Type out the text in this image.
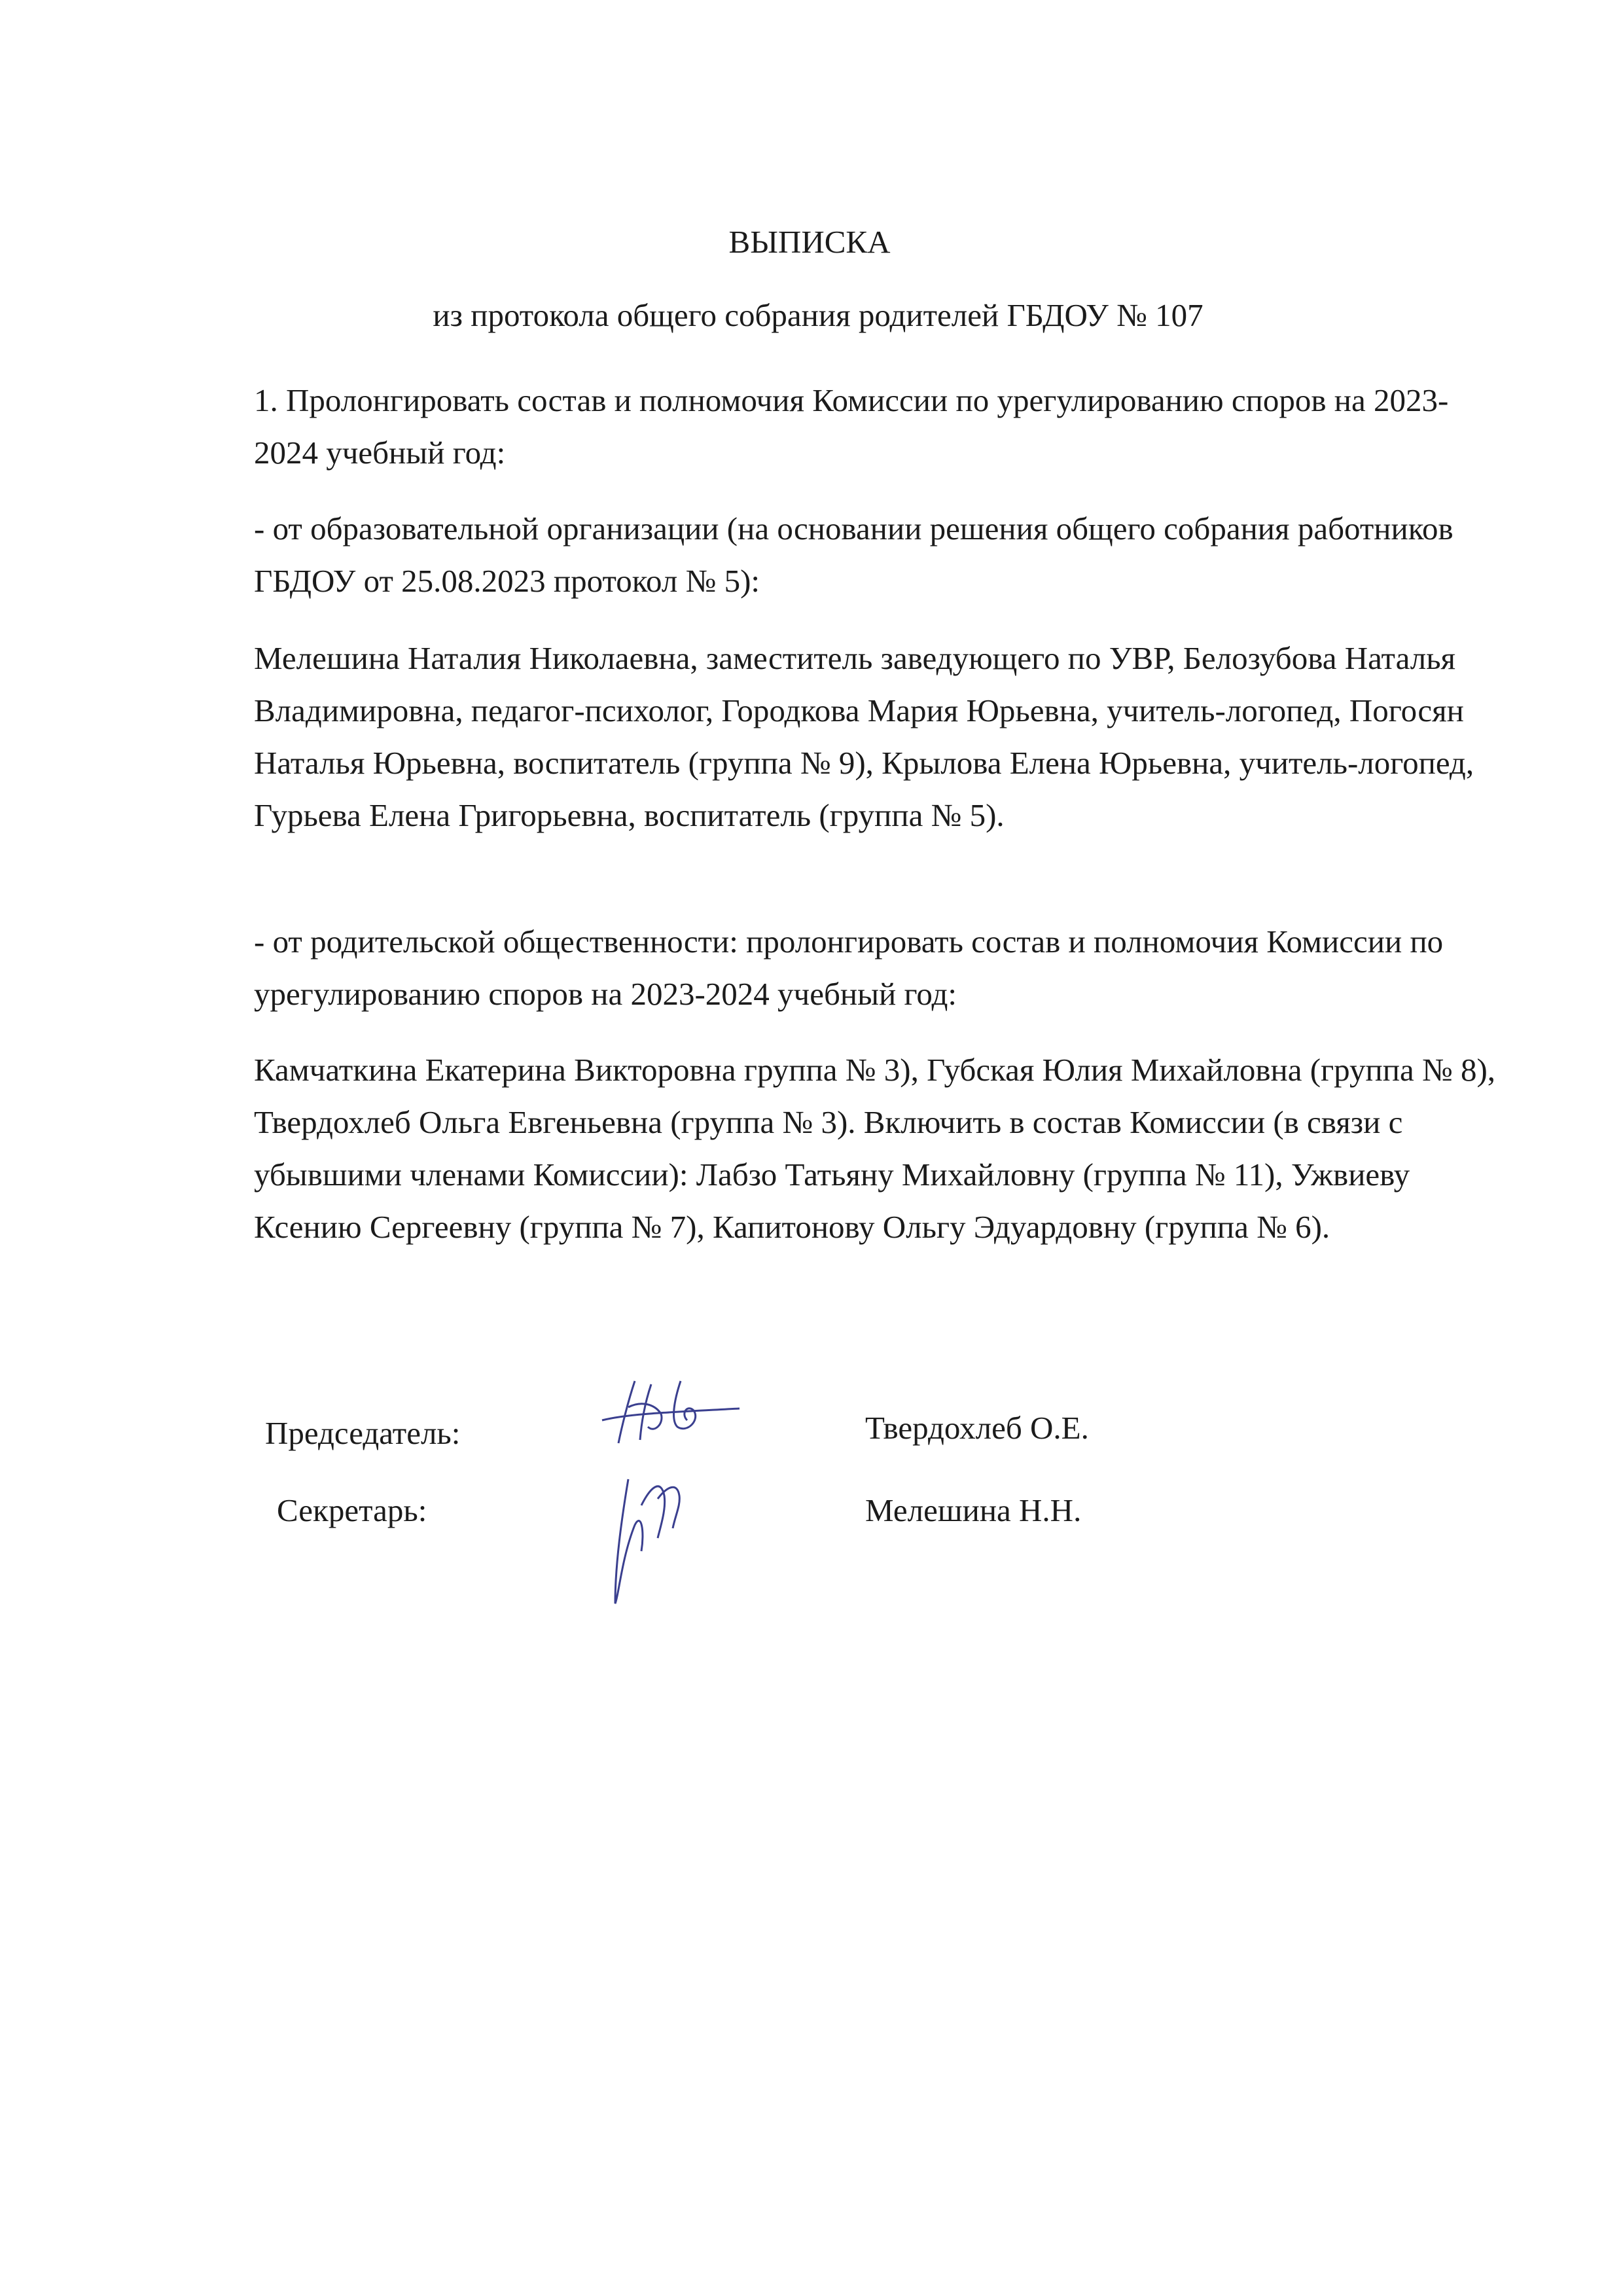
ВЫПИСКА
из протокола общего собрания родителей ГБДОУ № 107

1. Пролонгировать состав и полномочия Комиссии по урегулированию споров на 2023-2024 учебный год:

- от образовательной организации (на основании решения общего собрания работников ГБДОУ от 25.08.2023 протокол № 5):

Мелешина Наталия Николаевна, заместитель заведующего по УВР, Белозубова Наталья Владимировна, педагог-психолог, Городкова Мария Юрьевна, учитель-логопед, Погосян Наталья Юрьевна, воспитатель (группа № 9), Крылова Елена Юрьевна, учитель-логопед, Гурьева Елена Григорьевна, воспитатель (группа № 5).

- от родительской общественности: пролонгировать состав и полномочия Комиссии по урегулированию споров на 2023-2024 учебный год:

Камчаткина Екатерина Викторовна группа № 3), Губская Юлия Михайловна (группа № 8), Твердохлеб Ольга Евгеньевна (группа № 3). Включить в состав Комиссии (в связи с убывшими членами Комиссии): Лабзо Татьяну Михайловну (группа № 11), Ужвиеву Ксению Сергеевну (группа № 7), Капитонову Ольгу Эдуардовну (группа № 6).

Председатель:	Твердохлеб О.Е.
Секретарь:	Мелешина Н.Н.
